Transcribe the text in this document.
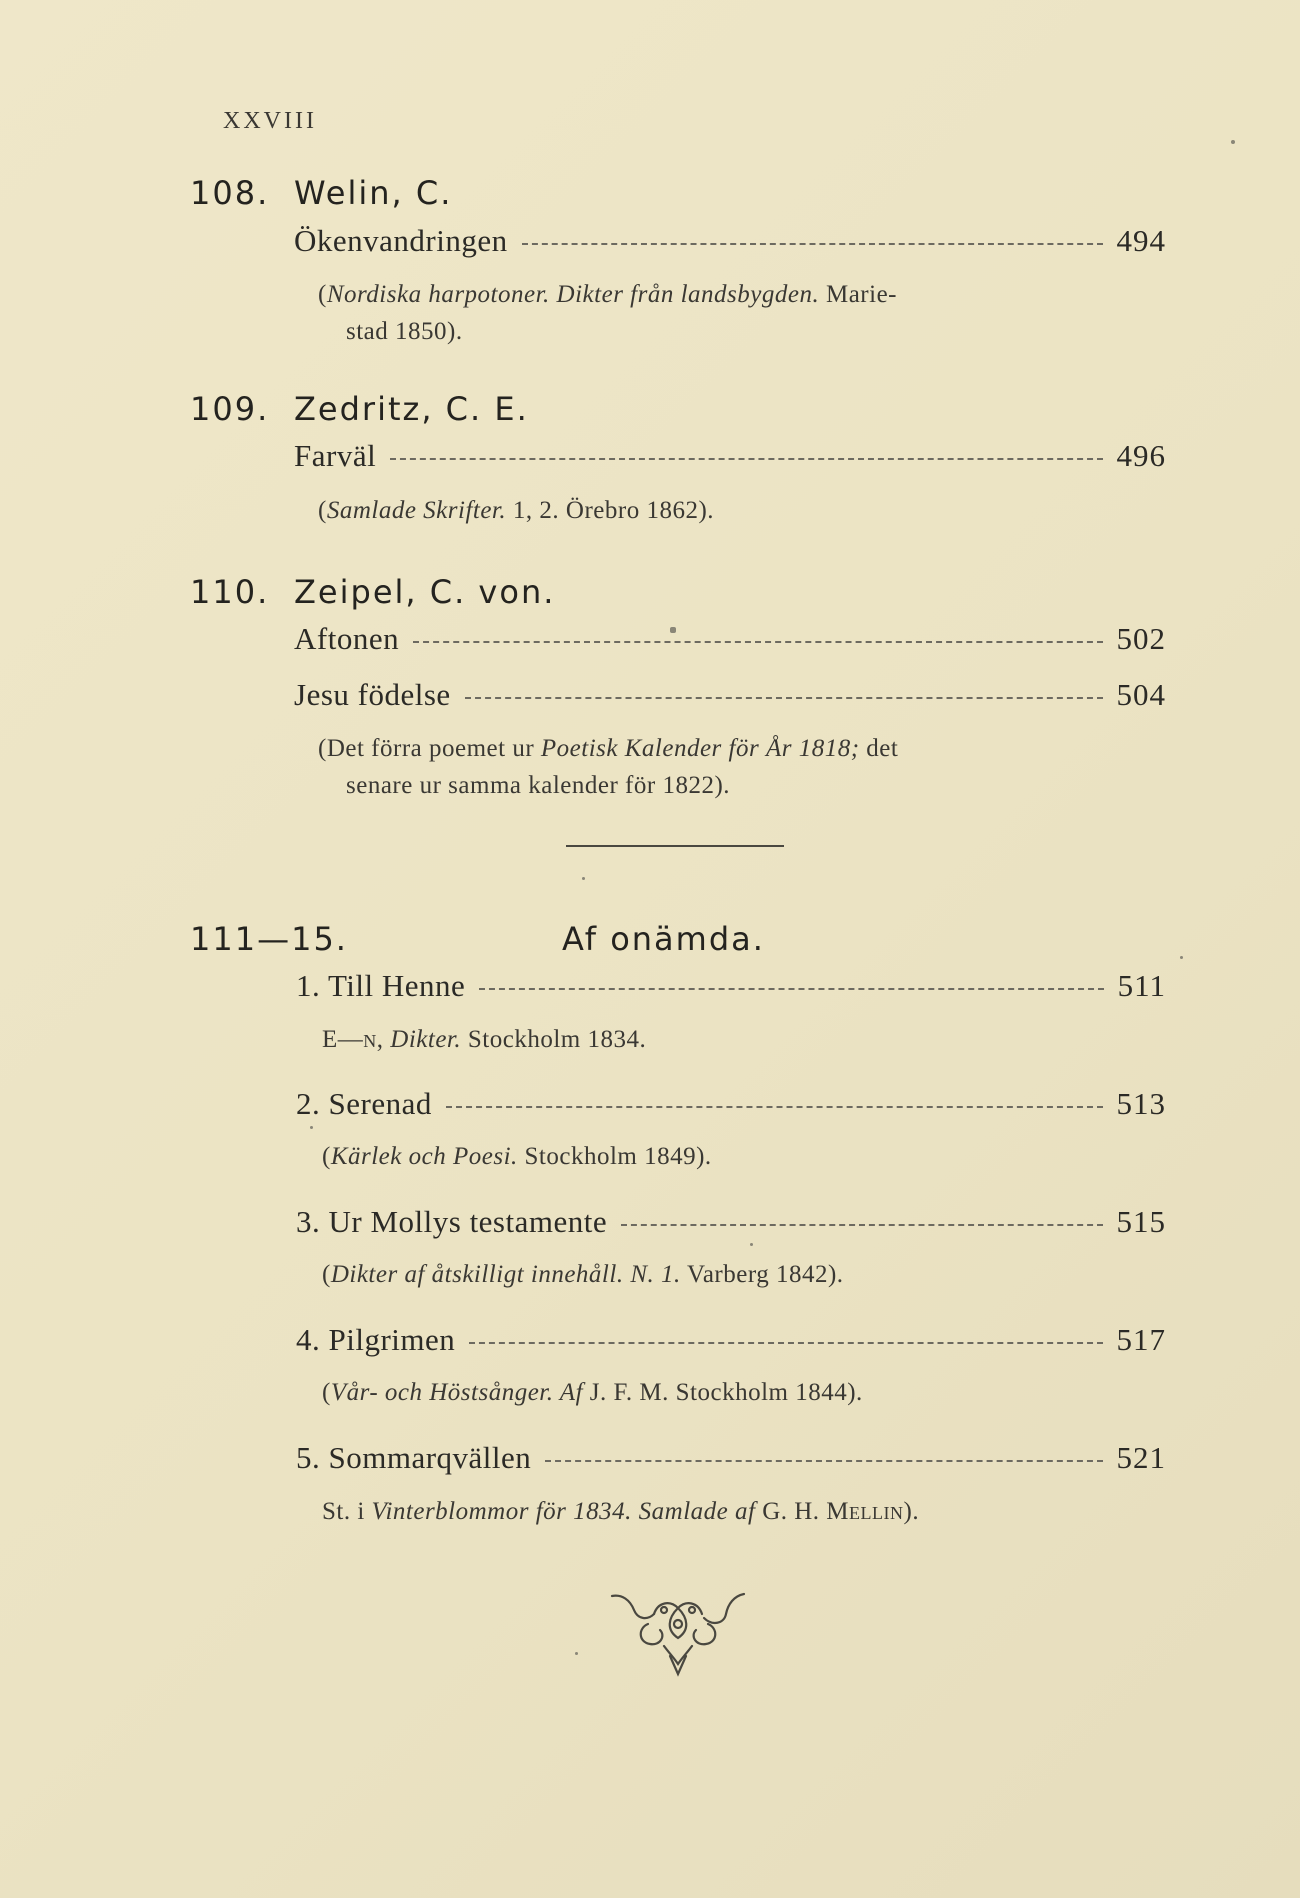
XXVIII
108. Welin, C.
Ökenvandringen	494
(Nordiska harpotoner. Dikter från landsbygden. Marie-
stad 1850).
109. Zedritz, C. E.
Farväl	496
(Samlade Skrifter. 1, 2. Örebro 1862).
110. Zeipel, C. von.
Aftonen	502
Jesu födelse	504
(Det förra poemet ur Poetisk Kalender för År 1818; det
senare ur samma kalender för 1822).
111—15.	Af onämda.
1. Till Henne	511
E—n, Dikter. Stockholm 1834.
2. Serenad	513
(Kärlek och Poesi. Stockholm 1849).
3. Ur Mollys testamente	515
(Dikter af åtskilligt innehåll. N. 1. Varberg 1842).
4. Pilgrimen	517
(Vår- och Höstsånger. Af J. F. M. Stockholm 1844).
5. Sommarqvällen	521
St. i Vinterblommor för 1834. Samlade af G. H. Mellin).
